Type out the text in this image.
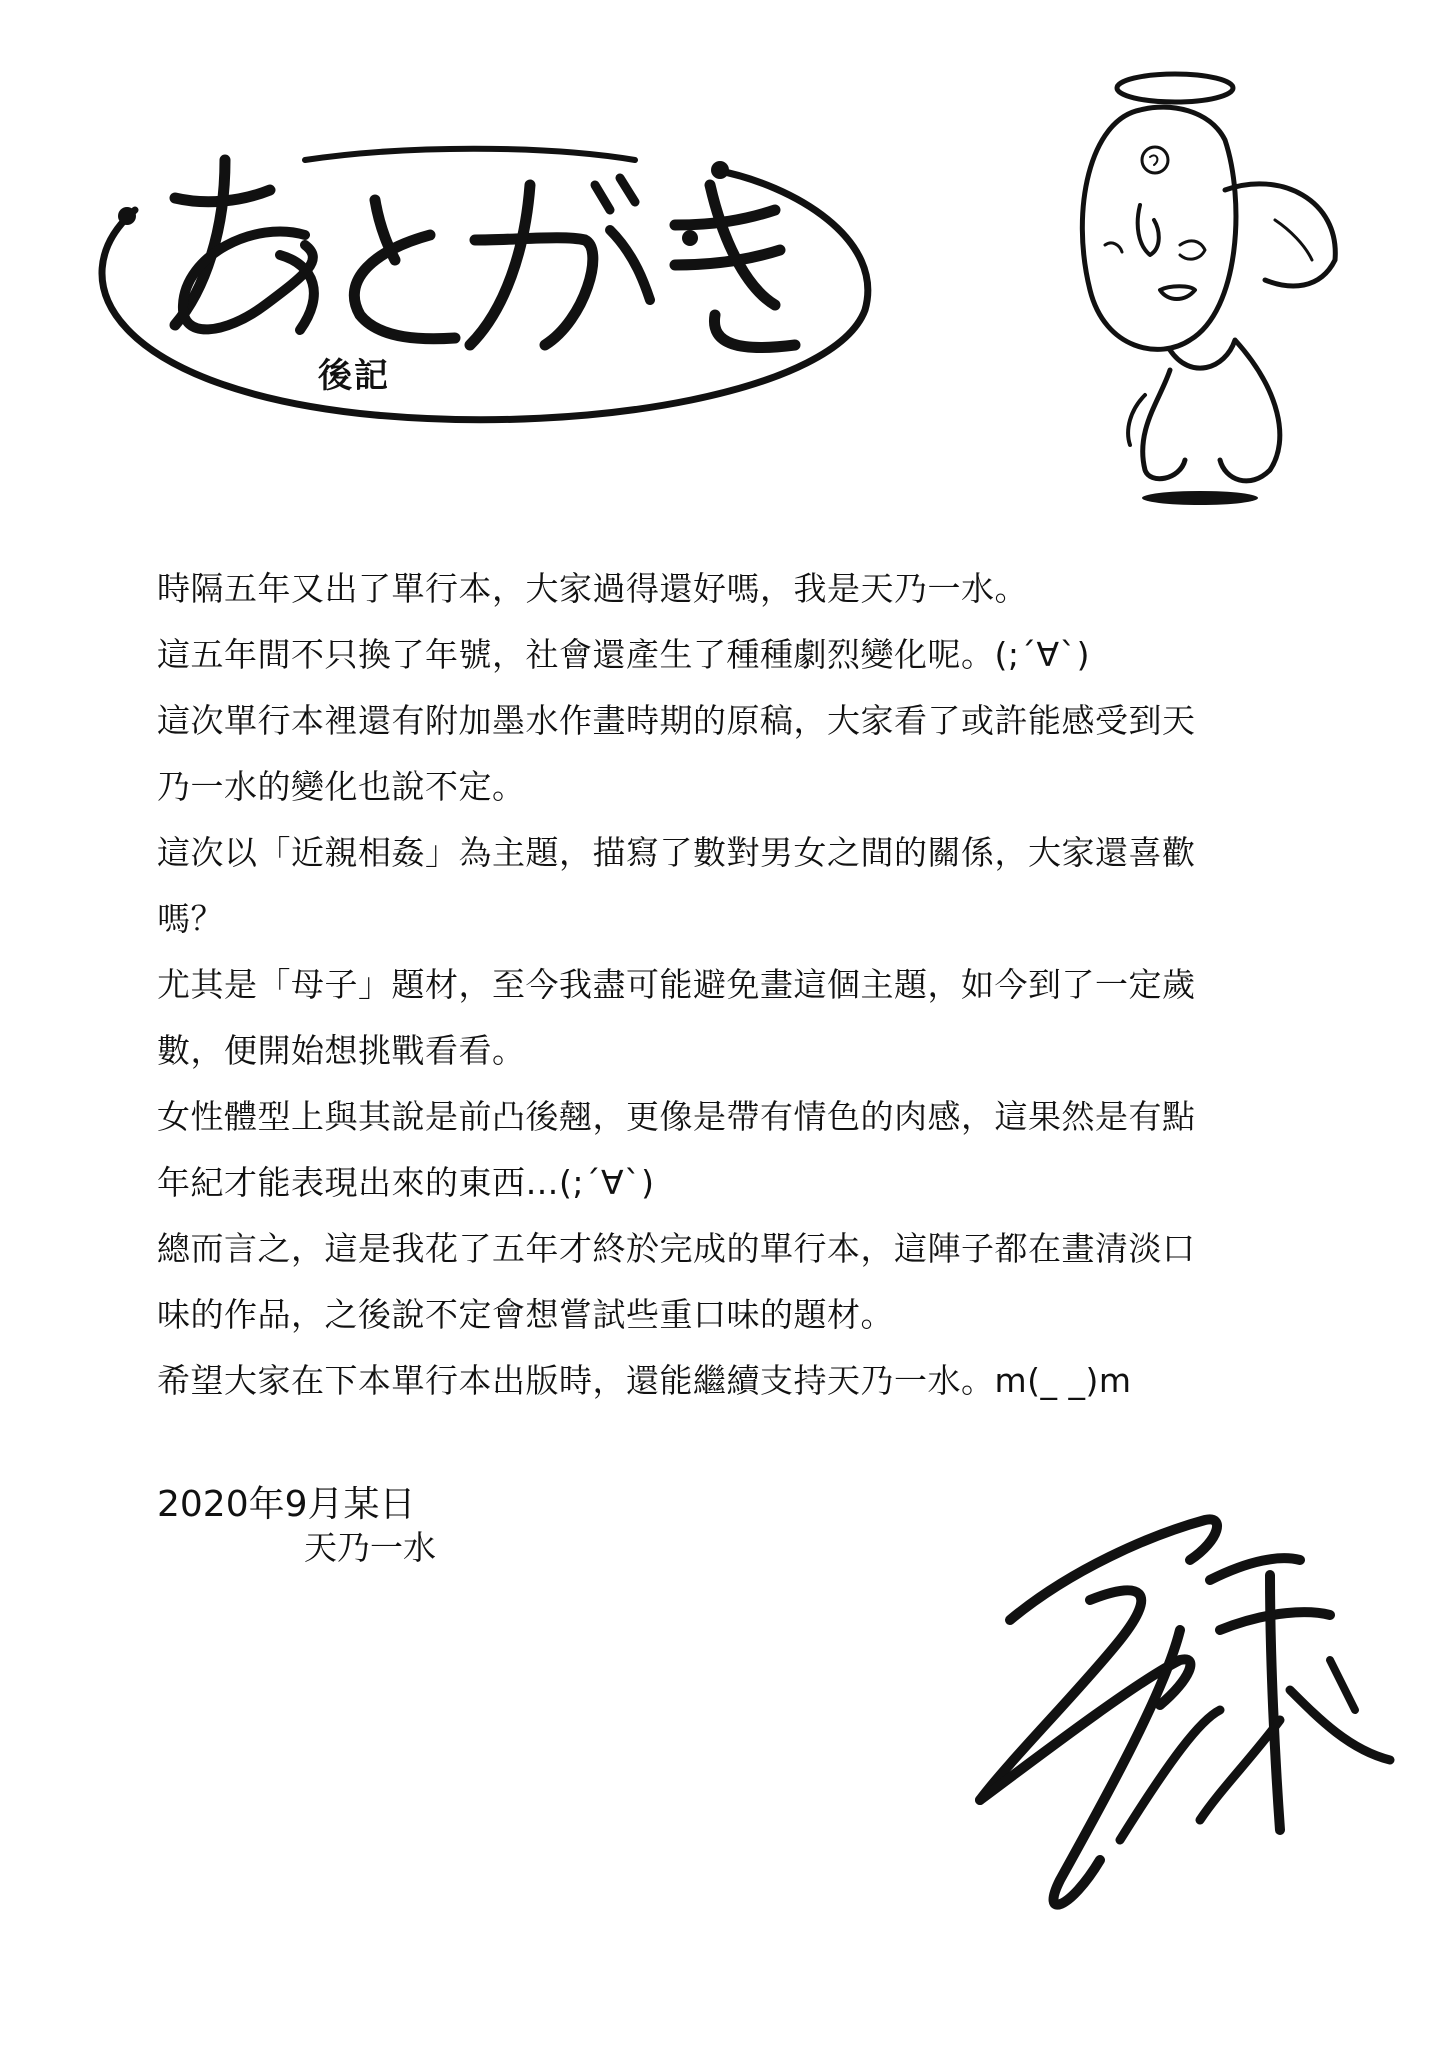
後記
時隔五年又出了單行本，大家過得還好嗎，我是天乃一水。
這五年間不只換了年號，社會還產生了種種劇烈變化呢。(;´∀`)
這次單行本裡還有附加墨水作畫時期的原稿，大家看了或許能感受到天
乃一水的變化也說不定。
這次以「近親相姦」為主題，描寫了數對男女之間的關係，大家還喜歡
嗎？
尤其是「母子」題材，至今我盡可能避免畫這個主題，如今到了一定歲
數，便開始想挑戰看看。
女性體型上與其說是前凸後翹，更像是帶有情色的肉感，這果然是有點
年紀才能表現出來的東西…(;´∀`)
總而言之，這是我花了五年才終於完成的單行本，這陣子都在畫清淡口
味的作品，之後說不定會想嘗試些重口味的題材。
希望大家在下本單行本出版時，還能繼續支持天乃一水。m(_ _)m
2020年9月某日
天乃一水
